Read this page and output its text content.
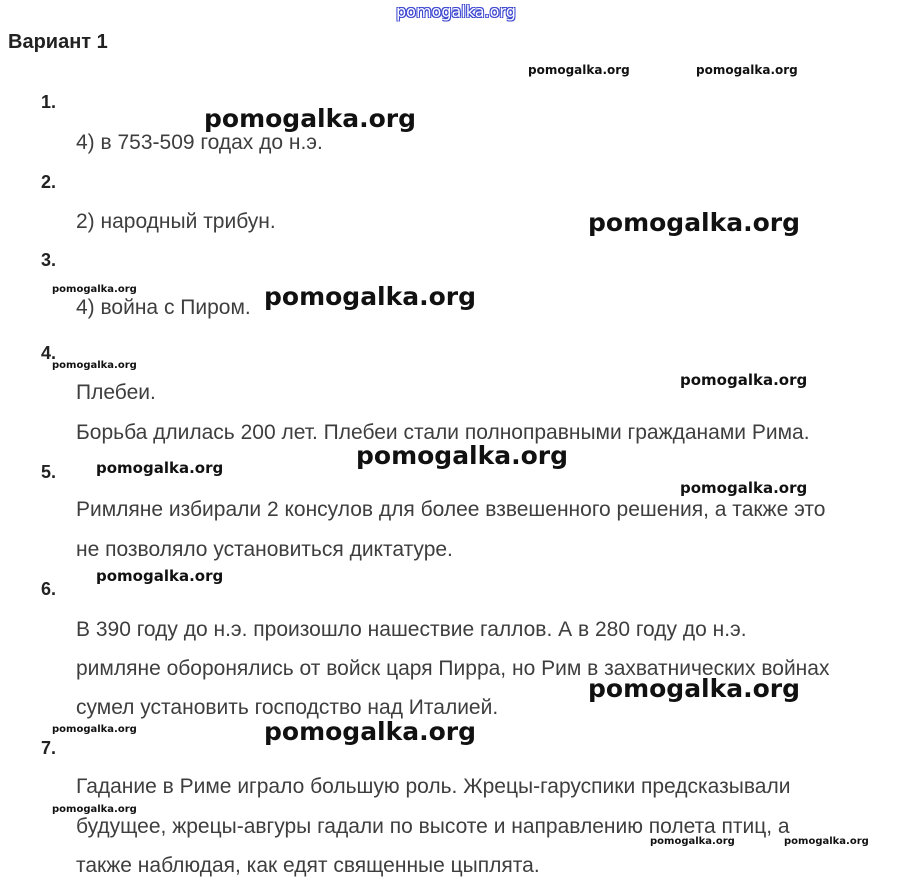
pomogalka.org
Вариант 1
1.
4) в 753-509 годах до н.э.
2.
2) народный трибун.
3.
4) война с Пиром.
4.
Плебеи.
Борьба длилась 200 лет. Плебеи стали полноправными гражданами Рима.
5.
Римляне избирали 2 консулов для более взвешенного решения, а также это
не позволяло установиться диктатуре.
6.
В 390 году до н.э. произошло нашествие галлов. А в 280 году до н.э.
римляне оборонялись от войск царя Пирра, но Рим в захватнических войнах
сумел установить господство над Италией.
7.
Гадание в Риме играло большую роль. Жрецы-гаруспики предсказывали
будущее, жрецы-авгуры гадали по высоте и направлению полета птиц, а
также наблюдая, как едят священные цыплята.
pomogalka.org	pomogalka.org
pomogalka.org
pomogalka.org
pomogalka.org	pomogalka.org
pomogalka.org
pomogalka.org
pomogalka.org
pomogalka.org
pomogalka.org
pomogalka.org
pomogalka.org
pomogalka.org	pomogalka.org
pomogalka.org
pomogalka.org	pomogalka.org
